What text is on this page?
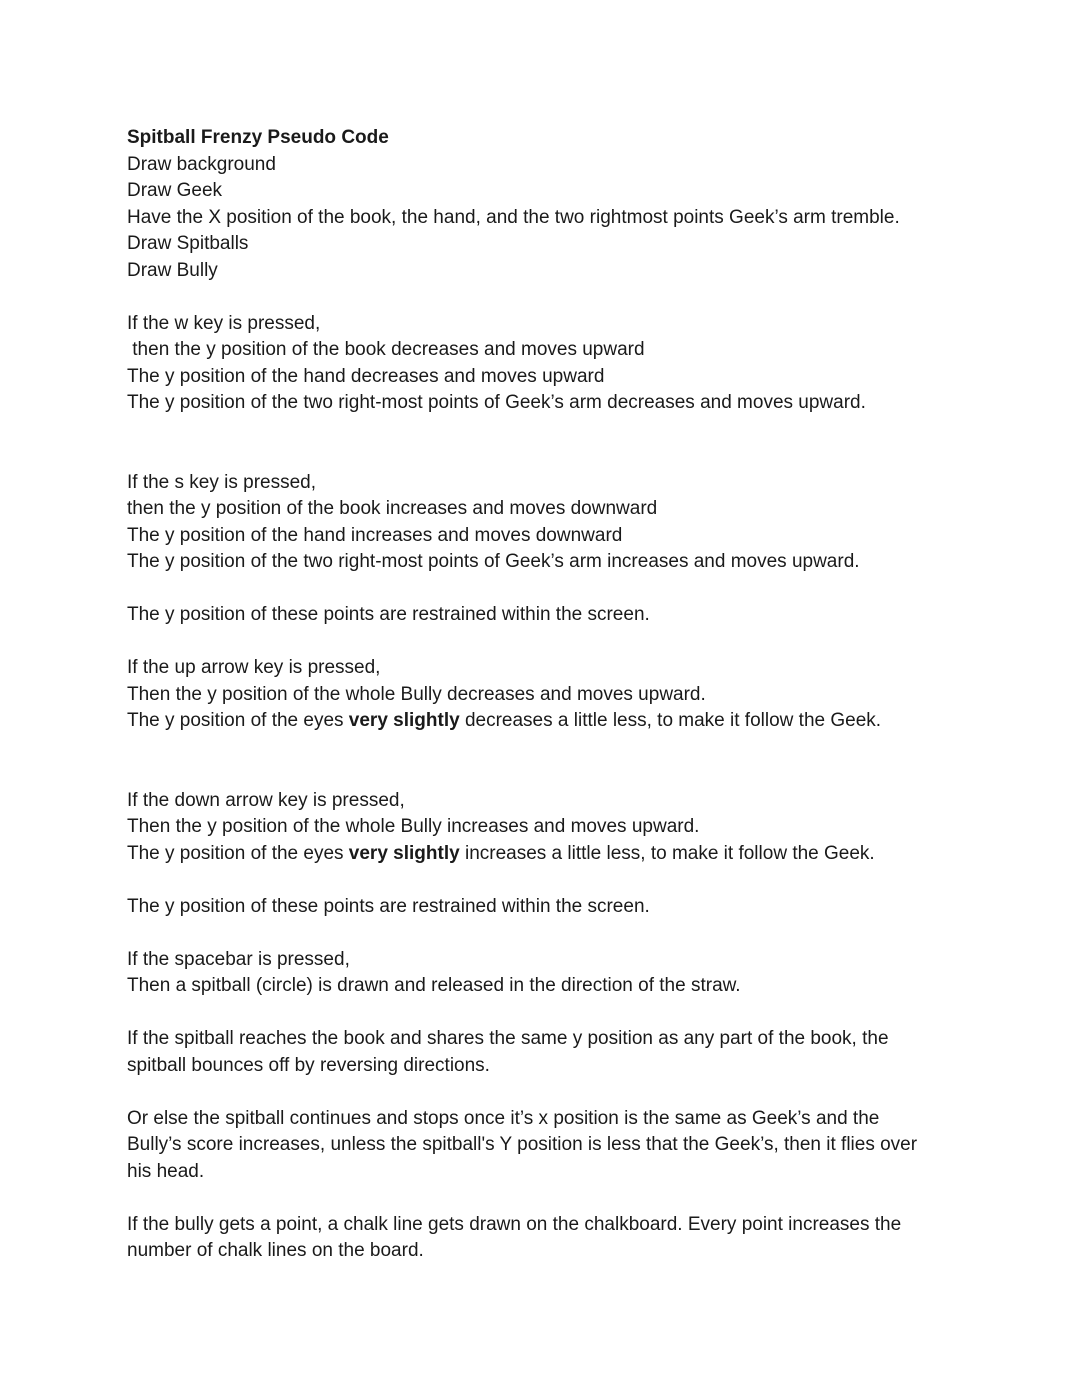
Spitball Frenzy Pseudo Code
Draw background
Draw Geek
Have the X position of the book, the hand, and the two rightmost points Geek’s arm tremble.
Draw Spitballs
Draw Bully
If the w key is pressed,
then the y position of the book decreases and moves upward
The y position of the hand decreases and moves upward
The y position of the two right-most points of Geek’s arm decreases and moves upward.
If the s key is pressed,
then the y position of the book increases and moves downward
The y position of the hand increases and moves downward
The y position of the two right-most points of Geek’s arm increases and moves upward.
The y position of these points are restrained within the screen.
If the up arrow key is pressed,
Then the y position of the whole Bully decreases and moves upward.
The y position of the eyes very slightly decreases a little less, to make it follow the Geek.
If the down arrow key is pressed,
Then the y position of the whole Bully increases and moves upward.
The y position of the eyes very slightly increases a little less, to make it follow the Geek.
The y position of these points are restrained within the screen.
If the spacebar is pressed,
Then a spitball (circle) is drawn and released in the direction of the straw.
If the spitball reaches the book and shares the same y position as any part of the book, the
spitball bounces off by reversing directions.
Or else the spitball continues and stops once it’s x position is the same as Geek’s and the
Bully’s score increases, unless the spitball's Y position is less that the Geek’s, then it flies over
his head.
If the bully gets a point, a chalk line gets drawn on the chalkboard. Every point increases the
number of chalk lines on the board.
